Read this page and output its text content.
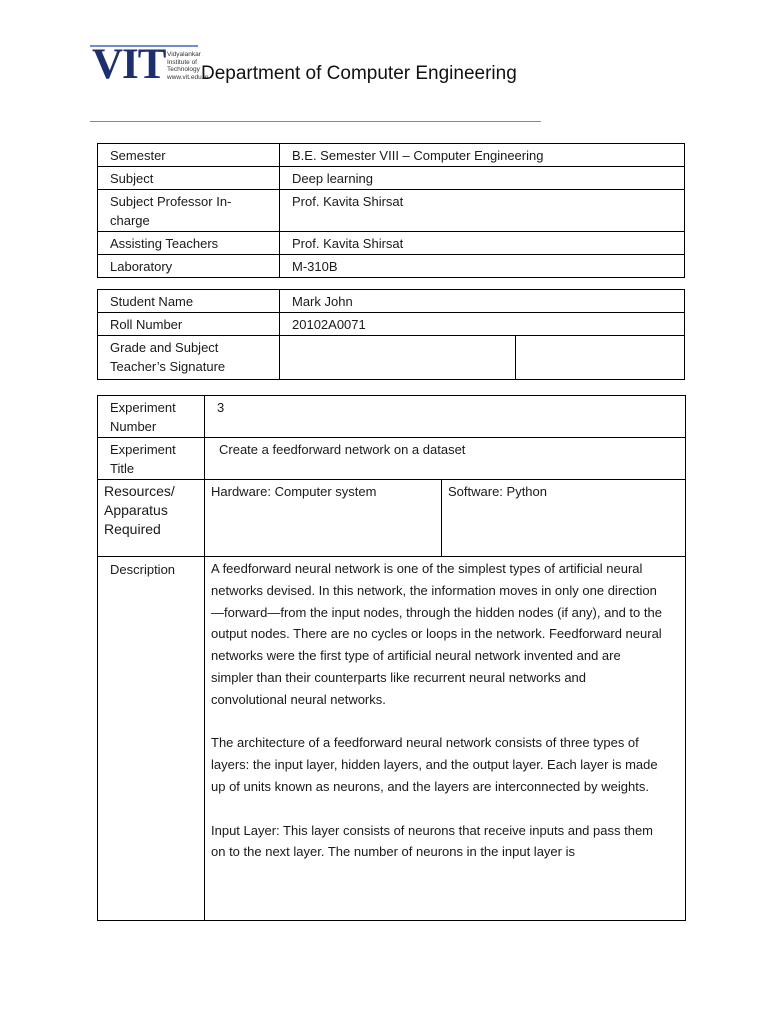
VIT Vidyalankar
Institute of
Technology
www.vit.edu.in
Department of Computer Engineering
Semester	B.E. Semester VIII – Computer Engineering
Subject	Deep learning
Subject Professor In-charge	Prof. Kavita Shirsat
Assisting Teachers	Prof. Kavita Shirsat
Laboratory	M-310B
Student Name	Mark John	
Roll Number	20102A0071	
Grade and Subject Teacher’s Signature		
Experiment Number	3	
Experiment Title	Create a feedforward network on a dataset	
Resources/ Apparatus Required	Hardware: Computer system	Software: Python
Description	A feedforward neural network is one of the simplest types of artificial neural networks devised. In this network, the information moves in only one direction—forward—from the input nodes, through the hidden nodes (if any), and to the output nodes. There are no cycles or loops in the network. Feedforward neural networks were the first type of artificial neural network invented and are simpler than their counterparts like recurrent neural networks and convolutional neural networks.

The architecture of a feedforward neural network consists of three types of layers: the input layer, hidden layers, and the output layer. Each layer is made up of units known as neurons, and the layers are interconnected by weights.

Input Layer: This layer consists of neurons that receive inputs and pass them on to the next layer. The number of neurons in the input layer is	
